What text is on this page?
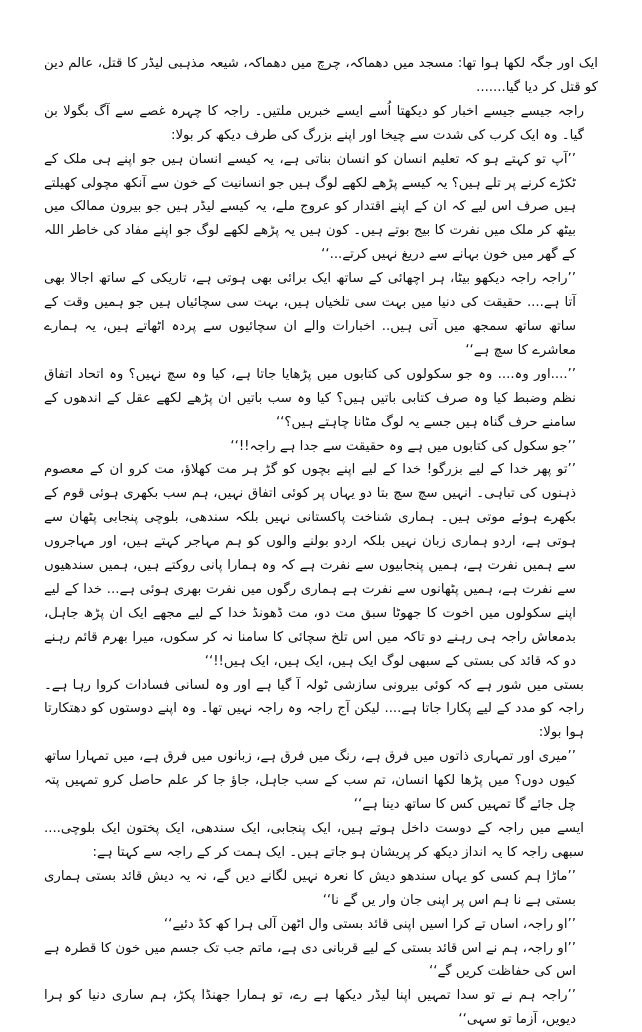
ایک اور جگہ لکھا ہوا تھا: مسجد میں دھماکہ، چرچ میں دھماکہ، شیعہ مذہبی لیڈر کا قتل، عالم دین کو قتل کر دیا گیا.......

راجہ جیسے جیسے اخبار کو دیکھتا اُسے ایسے خبریں ملتیں۔ راجہ کا چہرہ غصے سے آگ بگولا بن گیا۔ وہ ایک کرب کی شدت سے چیخا اور اپنے بزرگ کی طرف دیکھ کر بولا:

’’آپ تو کہتے ہو کہ تعلیم انسان کو انسان بناتی ہے، یہ کیسے انسان ہیں جو اپنے ہی ملک کے ٹکڑے کرنے پر تلے ہیں؟ یہ کیسے پڑھے لکھے لوگ ہیں جو انسانیت کے خون سے آنکھ مچولی کھیلتے ہیں صرف اس لیے کہ ان کے اپنے اقتدار کو عروج ملے، یہ کیسے لیڈر ہیں جو بیرون ممالک میں بیٹھ کر ملک میں نفرت کا بیج بوتے ہیں۔ کون ہیں یہ پڑھے لکھے لوگ جو اپنے مفاد کی خاطر اللہ کے گھر میں خون بہانے سے دریغ نہیں کرتے...‘‘

’’راجہ راجہ دیکھو بیٹا، ہر اچھائی کے ساتھ ایک برائی بھی ہوتی ہے، تاریکی کے ساتھ اجالا بھی آتا ہے.... حقیقت کی دنیا میں بہت سی تلخیاں ہیں، بہت سی سچائیاں ہیں جو ہمیں وقت کے ساتھ ساتھ سمجھ میں آتی ہیں.. اخبارات والے ان سچائیوں سے پردہ اٹھاتے ہیں، یہ ہمارے معاشرے کا سچ ہے‘‘

’’....اور وہ.... وہ جو سکولوں کی کتابوں میں پڑھایا جاتا ہے، کیا وہ سچ نہیں؟ وہ اتحاد اتفاق نظم وضبط کیا وہ صرف کتابی باتیں ہیں؟ کیا وہ سب باتیں ان پڑھے لکھے عقل کے اندھوں کے سامنے حرف گناہ ہیں جسے یہ لوگ مٹانا چاہتے ہیں؟‘‘

’’جو سکول کی کتابوں میں ہے وہ حقیقت سے جدا ہے راجہ!!‘‘

’’تو پھر خدا کے لیے بزرگو! خدا کے لیے اپنے بچوں کو گڑ ہر مت کھلاؤ، مت کرو ان کے معصوم ذہنوں کی تباہی۔ انہیں سچ سچ بتا دو یہاں پر کوئی اتفاق نہیں، ہم سب بکھری ہوئی قوم کے بکھرے ہوئے موتی ہیں۔ ہماری شناخت پاکستانی نہیں بلکہ سندھی، بلوچی پنجابی پٹھان سے ہوتی ہے، اردو ہماری زبان نہیں بلکہ اردو بولنے والوں کو ہم مہاجر کہتے ہیں، اور مہاجروں سے ہمیں نفرت ہے، ہمیں پنجابیوں سے نفرت ہے کہ وہ ہمارا پانی روکتے ہیں، ہمیں سندھیوں سے نفرت ہے، ہمیں پٹھانوں سے نفرت ہے ہماری رگوں میں نفرت بھری ہوئی ہے... خدا کے لیے اپنے سکولوں میں اخوت کا جھوٹا سبق مت دو، مت ڈھونڈ خدا کے لیے مجھے ایک ان پڑھ جاہل، بدمعاش راجہ ہی رہنے دو تاکہ میں اس تلخ سچائی کا سامنا نہ کر سکوں، میرا بھرم قائم رہنے دو کہ قائد کی بستی کے سبھی لوگ ایک ہیں، ایک ہیں، ایک ہیں!!‘‘

بستی میں شور ہے کہ کوئی بیرونی سازشی ٹولہ آ گیا ہے اور وہ لسانی فسادات کروا رہا ہے۔ راجہ کو مدد کے لیے پکارا جاتا ہے.... لیکن آج راجہ وہ راجہ نہیں تھا۔ وہ اپنے دوستوں کو دھتکارتا ہوا بولا:

’’میری اور تمہاری ذاتوں میں فرق ہے، رنگ میں فرق ہے، زبانوں میں فرق ہے، میں تمہارا ساتھ کیوں دوں؟ میں پڑھا لکھا انسان، تم سب کے سب جاہل، جاؤ جا کر علم حاصل کرو تمہیں پتہ چل جائے گا تمہیں کس کا ساتھ دینا ہے‘‘

ایسے میں راجہ کے دوست داخل ہوتے ہیں، ایک پنجابی، ایک سندھی، ایک پختون ایک بلوچی.... سبھی راجہ کا یہ انداز دیکھ کر پریشان ہو جاتے ہیں۔ ایک ہمت کر کے راجہ سے کہتا ہے:

’’ماڑا ہم کسی کو یہاں سندھو دیش کا نعرہ نہیں لگانے دیں گے، نہ یہ دیش قائد بستی ہماری بستی ہے نا ہم اس پر اپنی جان وار یں گے نا‘‘

’’او راجہ، اساں تے کرا اسیں اپنی قائد بستی وال اٹھن آلی ہرا کھ کڈ دئیے‘‘

’’او راجہ، ہم نے اس قائد بستی کے لیے قربانی دی ہے، ماتم جب تک جسم میں خون کا قطرہ ہے اس کی حفاظت کریں گے‘‘

’’راجہ ہم نے تو سدا تمہیں اپنا لیڈر دیکھا ہے رے، تو ہمارا جھنڈا پکڑ، ہم ساری دنیا کو ہرا دیویں، آزما تو سہی‘‘
